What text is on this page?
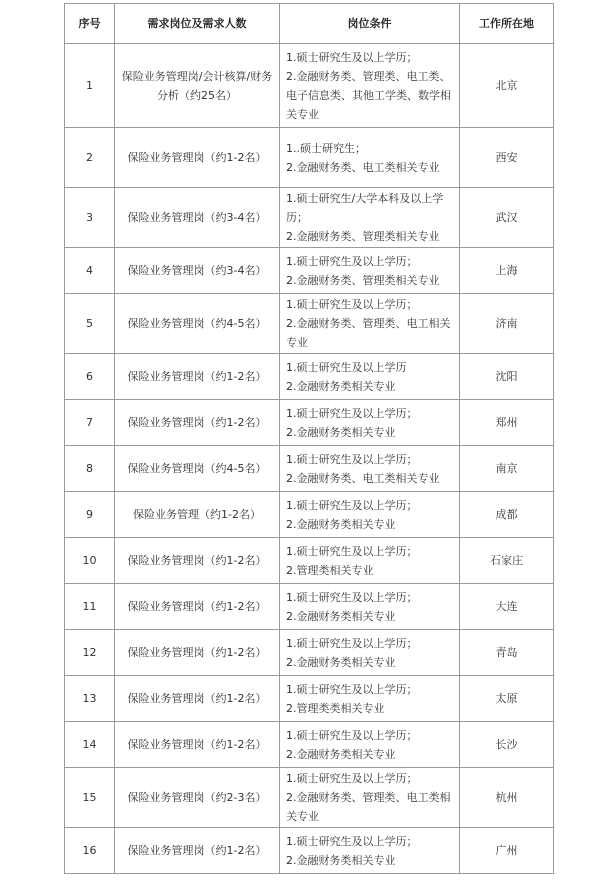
序号	需求岗位及需求人数	岗位条件	工作所在地
1	保险业务管理岗/会计核算/财务分析（约25名）	1.硕士研究生及以上学历；
2.金融财务类、管理类、电工类、电子信息类、其他工学类、数学相关专业	北京
2	保险业务管理岗（约1-2名）	1..硕士研究生；
2.金融财务类、电工类相关专业	西安
3	保险业务管理岗（约3-4名）	1.硕士研究生/大学本科及以上学历；
2.金融财务类、管理类相关专业	武汉
4	保险业务管理岗（约3-4名）	1.硕士研究生及以上学历；
2.金融财务类、管理类相关专业	上海
5	保险业务管理岗（约4-5名）	1.硕士研究生及以上学历；
2.金融财务类、管理类、电工相关专业	济南
6	保险业务管理岗（约1-2名）	1.硕士研究生及以上学历
2.金融财务类相关专业	沈阳
7	保险业务管理岗（约1-2名）	1.硕士研究生及以上学历；
2.金融财务类相关专业	郑州
8	保险业务管理岗（约4-5名）	1.硕士研究生及以上学历；
2.金融财务类、电工类相关专业	南京
9	保险业务管理（约1-2名）	1.硕士研究生及以上学历；
2.金融财务类相关专业	成都
10	保险业务管理岗（约1-2名）	1.硕士研究生及以上学历；
2.管理类相关专业	石家庄
11	保险业务管理岗（约1-2名）	1.硕士研究生及以上学历；
2.金融财务类相关专业	大连
12	保险业务管理岗（约1-2名）	1.硕士研究生及以上学历；
2.金融财务类相关专业	青岛
13	保险业务管理岗（约1-2名）	1.硕士研究生及以上学历；
2.管理类类相关专业	太原
14	保险业务管理岗（约1-2名）	1.硕士研究生及以上学历；
2.金融财务类相关专业	长沙
15	保险业务管理岗（约2-3名）	1.硕士研究生及以上学历；
2.金融财务类、管理类、电工类相关专业	杭州
16	保险业务管理岗（约1-2名）	1.硕士研究生及以上学历；
2.金融财务类相关专业	广州
